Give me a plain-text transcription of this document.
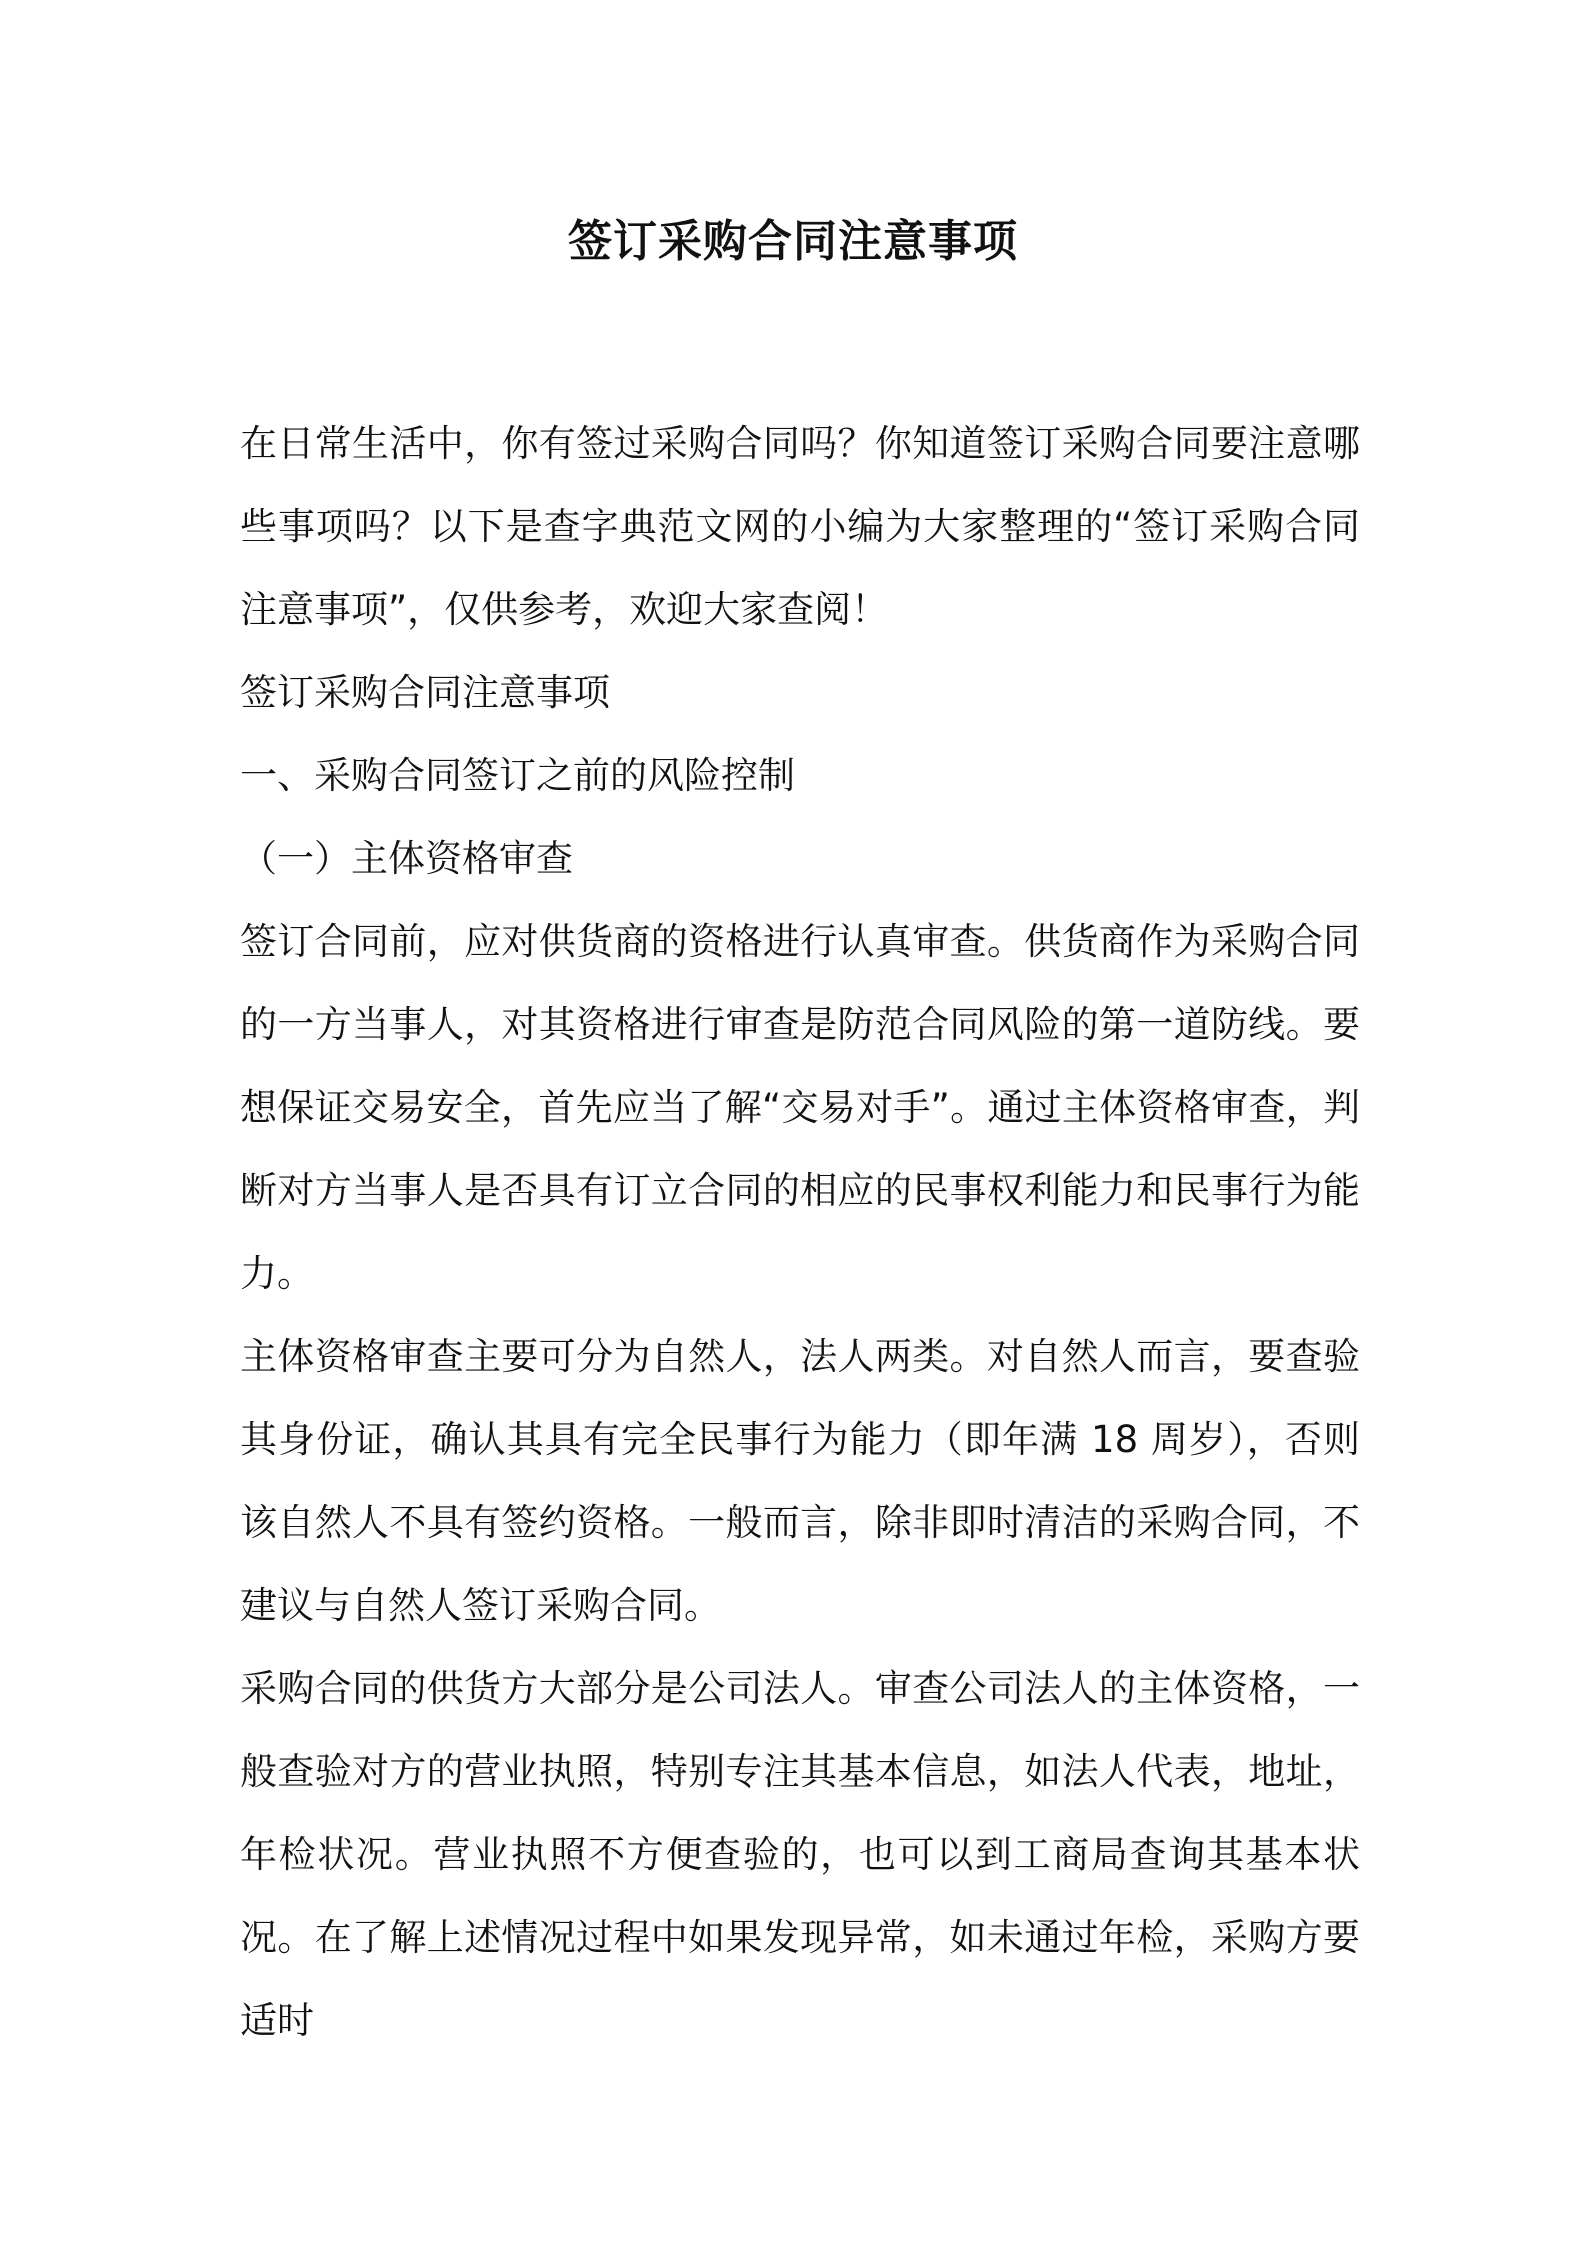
签订采购合同注意事项

在日常生活中，你有签过采购合同吗？你知道签订采购合同要注意哪些事项吗？以下是查字典范文网的小编为大家整理的“签订采购合同注意事项”，仅供参考，欢迎大家查阅！

签订采购合同注意事项

一、采购合同签订之前的风险控制

（一）主体资格审查

签订合同前，应对供货商的资格进行认真审查。供货商作为采购合同的一方当事人，对其资格进行审查是防范合同风险的第一道防线。要想保证交易安全，首先应当了解“交易对手”。通过主体资格审查，判断对方当事人是否具有订立合同的相应的民事权利能力和民事行为能力。

主体资格审查主要可分为自然人，法人两类。对自然人而言，要查验其身份证，确认其具有完全民事行为能力（即年满 18 周岁），否则该自然人不具有签约资格。一般而言，除非即时清洁的采购合同，不建议与自然人签订采购合同。

采购合同的供货方大部分是公司法人。审查公司法人的主体资格，一般查验对方的营业执照，特别专注其基本信息，如法人代表，地址，年检状况。营业执照不方便查验的，也可以到工商局查询其基本状况。在了解上述情况过程中如果发现异常，如未通过年检，采购方要适时
